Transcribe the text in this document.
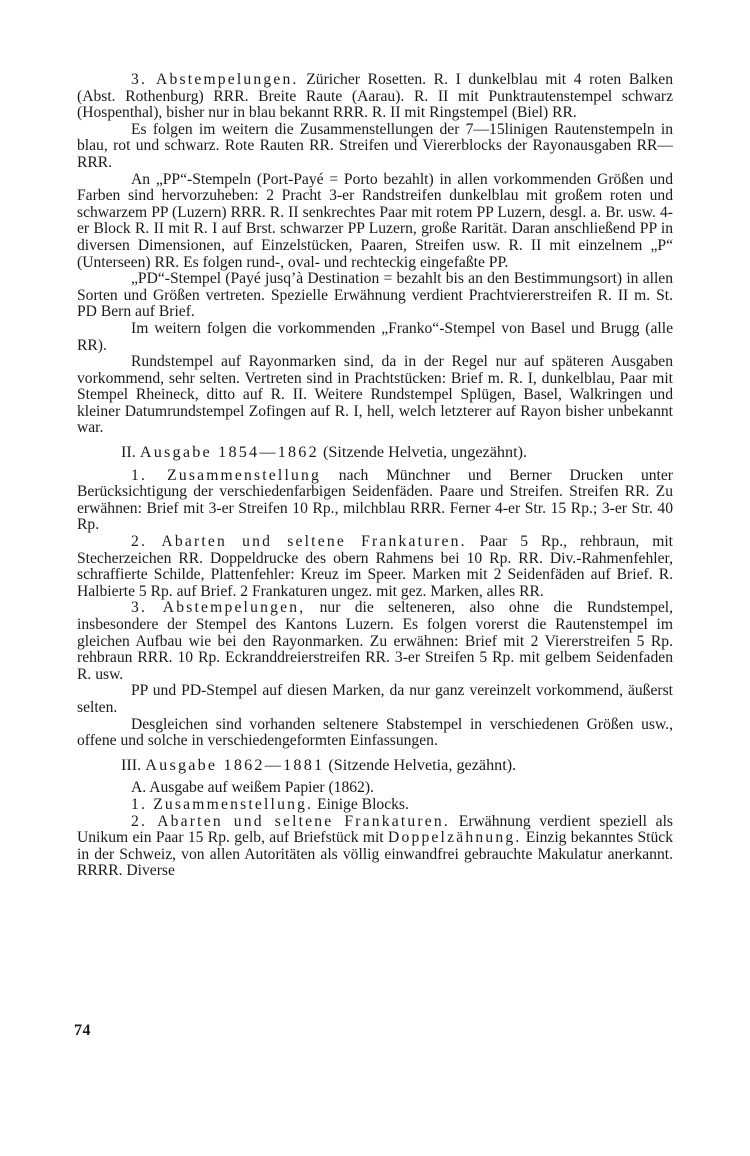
3. Abstempelungen. Züricher Rosetten. R. I dunkelblau mit 4 roten Balken (Abst. Rothenburg) RRR. Breite Raute (Aarau). R. II mit Punktrautenstempel schwarz (Hospenthal), bisher nur in blau bekannt RRR. R. II mit Ringstempel (Biel) RR.

Es folgen im weitern die Zusammenstellungen der 7—15linigen Rautenstempeln in blau, rot und schwarz. Rote Rauten RR. Streifen und Viererblocks der Rayonausgaben RR—RRR.

An „PP“-Stempeln (Port-Payé = Porto bezahlt) in allen vorkommenden Größen und Farben sind hervorzuheben: 2 Pracht 3-er Randstreifen dunkelblau mit großem roten und schwarzem PP (Luzern) RRR. R. II senkrechtes Paar mit rotem PP Luzern, desgl. a. Br. usw. 4-er Block R. II mit R. I auf Brst. schwarzer PP Luzern, große Rarität. Daran anschließend PP in diversen Dimensionen, auf Einzelstücken, Paaren, Streifen usw. R. II mit einzelnem „P“ (Unterseen) RR. Es folgen rund-, oval- und rechteckig eingefaßte PP.

„PD“-Stempel (Payé jusq’à Destination = bezahlt bis an den Bestimmungsort) in allen Sorten und Größen vertreten. Spezielle Erwähnung verdient Prachtviererstreifen R. II m. St. PD Bern auf Brief.

Im weitern folgen die vorkommenden „Franko“-Stempel von Basel und Brugg (alle RR).

Rundstempel auf Rayonmarken sind, da in der Regel nur auf späteren Ausgaben vorkommend, sehr selten. Vertreten sind in Prachtstücken: Brief m. R. I, dunkelblau, Paar mit Stempel Rheineck, ditto auf R. II. Weitere Rundstempel Splügen, Basel, Walkringen und kleiner Datumrundstempel Zofingen auf R. I, hell, welch letzterer auf Rayon bisher unbekannt war.

II. Ausgabe 1854—1862 (Sitzende Helvetia, ungezähnt).

1. Zusammenstellung nach Münchner und Berner Drucken unter Berücksichtigung der verschiedenfarbigen Seidenfäden. Paare und Streifen. Streifen RR. Zu erwähnen: Brief mit 3-er Streifen 10 Rp., milchblau RRR. Ferner 4-er Str. 15 Rp.; 3-er Str. 40 Rp.

2. Abarten und seltene Frankaturen. Paar 5 Rp., rehbraun, mit Stecherzeichen RR. Doppeldrucke des obern Rahmens bei 10 Rp. RR. Div.-Rahmenfehler, schraffierte Schilde, Plattenfehler: Kreuz im Speer. Marken mit 2 Seidenfäden auf Brief. R. Halbierte 5 Rp. auf Brief. 2 Frankaturen ungez. mit gez. Marken, alles RR.

3. Abstempelungen, nur die selteneren, also ohne die Rundstempel, insbesondere der Stempel des Kantons Luzern. Es folgen vorerst die Rautenstempel im gleichen Aufbau wie bei den Rayonmarken. Zu erwähnen: Brief mit 2 Viererstreifen 5 Rp. rehbraun RRR. 10 Rp. Eckranddreierstreifen RR. 3-er Streifen 5 Rp. mit gelbem Seidenfaden R. usw.

PP und PD-Stempel auf diesen Marken, da nur ganz vereinzelt vorkommend, äußerst selten.

Desgleichen sind vorhanden seltenere Stabstempel in verschiedenen Größen usw., offene und solche in verschiedengeformten Einfassungen.

III. Ausgabe 1862—1881 (Sitzende Helvetia, gezähnt).

A. Ausgabe auf weißem Papier (1862).

1. Zusammenstellung. Einige Blocks.

2. Abarten und seltene Frankaturen. Erwähnung verdient speziell als Unikum ein Paar 15 Rp. gelb, auf Briefstück mit Doppelzähnung. Einzig bekanntes Stück in der Schweiz, von allen Autoritäten als völlig einwandfrei gebrauchte Makulatur anerkannt. RRRR. Diverse

74
